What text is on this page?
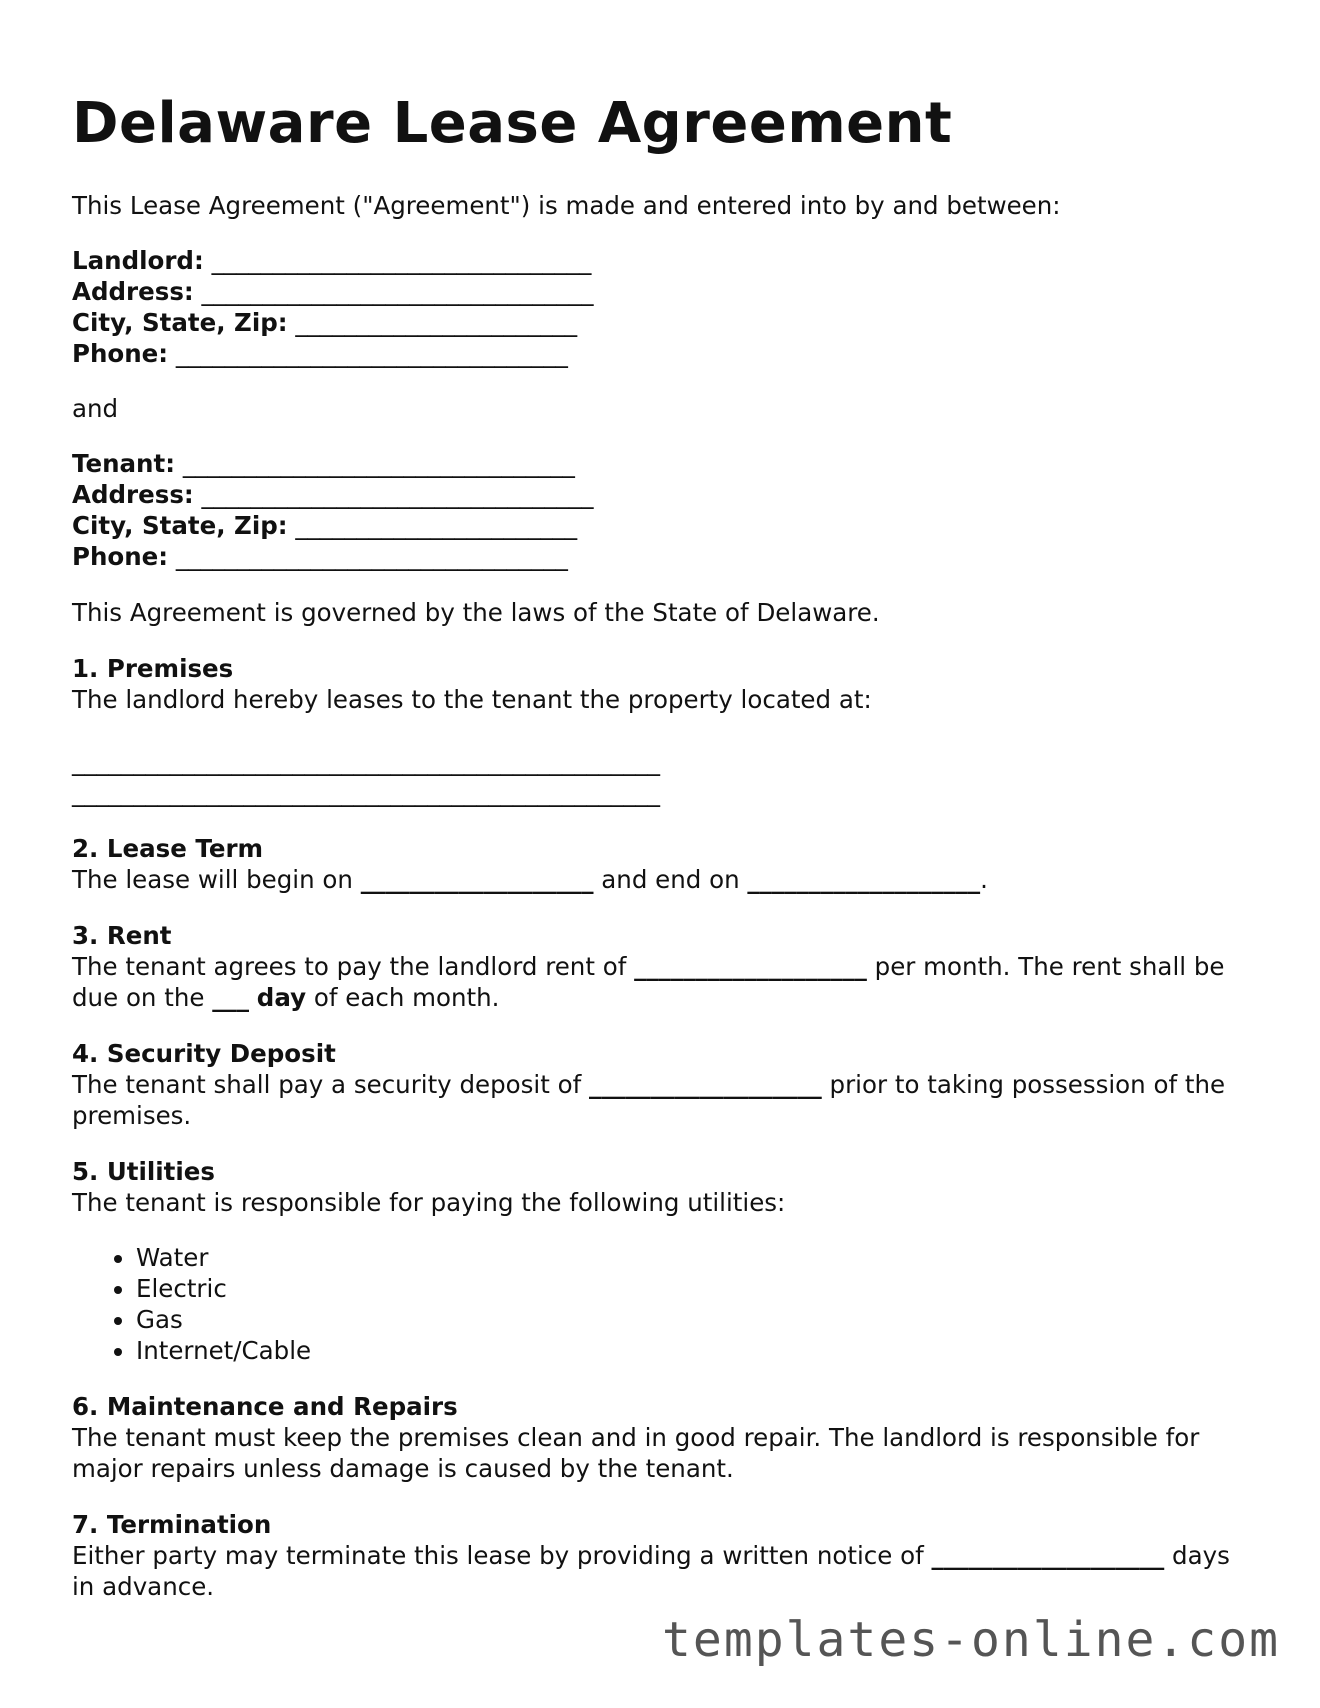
Delaware Lease Agreement

This Lease Agreement ("Agreement") is made and entered into by and between:

Landlord: _______________________________

Address: ________________________________

City, State, Zip: _______________________

Phone: ________________________________

and

Tenant: ________________________________

Address: ________________________________

City, State, Zip: _______________________

Phone: ________________________________

This Agreement is governed by the laws of the State of Delaware.

1. Premises

The landlord hereby leases to the tenant the property located at:

________________________________________________

________________________________________________

2. Lease Term

The lease will begin on ___________________ and end on ___________________.

3. Rent

The tenant agrees to pay the landlord rent of ___________________ per month. The rent shall be due on the ___ day of each month.

4. Security Deposit

The tenant shall pay a security deposit of ___________________ prior to taking possession of the premises.

5. Utilities

The tenant is responsible for paying the following utilities:

• Water
• Electric
• Gas
• Internet/Cable

6. Maintenance and Repairs

The tenant must keep the premises clean and in good repair. The landlord is responsible for major repairs unless damage is caused by the tenant.

7. Termination

Either party may terminate this lease by providing a written notice of ___________________ days in advance.

templates-online.com
